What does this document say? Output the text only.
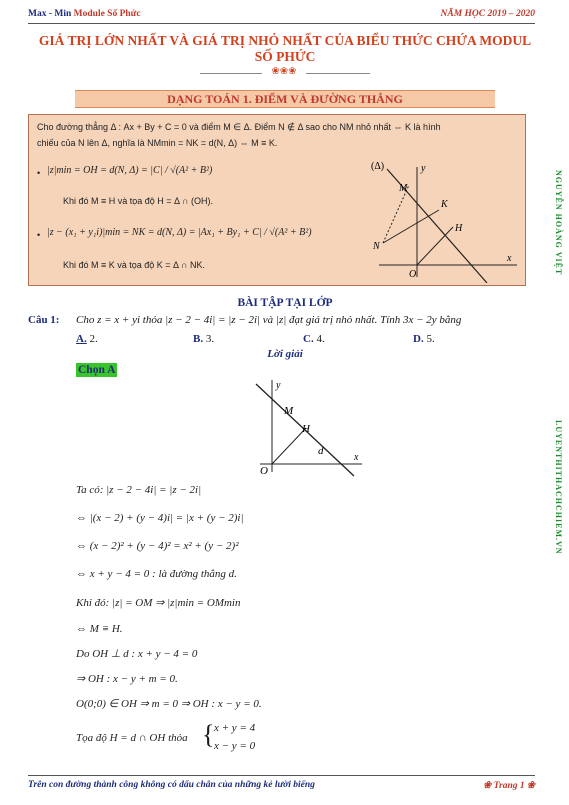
Max - Min Module Số Phức	NĂM HỌC 2019 – 2020
GIÁ TRỊ LỚN NHẤT VÀ GIÁ TRỊ NHỎ NHẤT CỦA BIỂU THỨC CHỨA MODUL SỐ PHỨC
❀❀❀
DẠNG TOÁN 1. ĐIỂM VÀ ĐƯỜNG THẲNG
Cho đường thẳng Δ : Ax + By + C = 0 và điểm M ∈ Δ. Điểm N ∉ Δ sao cho NM nhỏ nhất ⇔ K là hình
chiếu của N lên Δ, nghĩa là NMmin = NK = d(N, Δ) ⇔ M ≡ K.
• |z|min = OH = d(N, Δ) = |C| / √(A² + B²)
Khi đó M ≡ H và tọa độ H = Δ ∩ (OH).
• |z − (x₁ + y₁i)|min = NK = d(N, Δ) = |Ax₁ + By₁ + C| / √(A² + B²)
Khi đó M ≡ K và tọa độ K = Δ ∩ NK.
(Δ)	y
M
K
H
N
O
x	NGUYỄN HOÀNG VIỆT
LUYENTHITHACHCHIEM.VN
BÀI TẬP TẠI LỚP
Câu 1: Cho z = x + yi thỏa |z − 2 − 4i| = |z − 2i| và |z| đạt giá trị nhỏ nhất. Tính 3x − 2y bằng
A. 2.	B. 3.	C. 4.	D. 5.
Lời giải
Chọn A
y
M
H
d
O
x
Ta có: |z − 2 − 4i| = |z − 2i|
⇔ |(x − 2) + (y − 4)i| = |x + (y − 2)i|
⇔ (x − 2)² + (y − 4)² = x² + (y − 2)²
⇔ x + y − 4 = 0 : là đường thẳng d.
Khi đó: |z| = OM ⇒ |z|min = OMmin
⇔ M ≡ H.
Do OH ⊥ d : x + y − 4 = 0
⇒ OH : x − y + m = 0.
O(0;0) ∈ OH ⇒ m = 0 ⇒ OH : x − y = 0.
Tọa độ H = d ∩ OH thỏa { x + y = 4
x − y = 0
Trên con đường thành công không có dấu chân của những kẻ lười biếng	❀ Trang 1 ❀
